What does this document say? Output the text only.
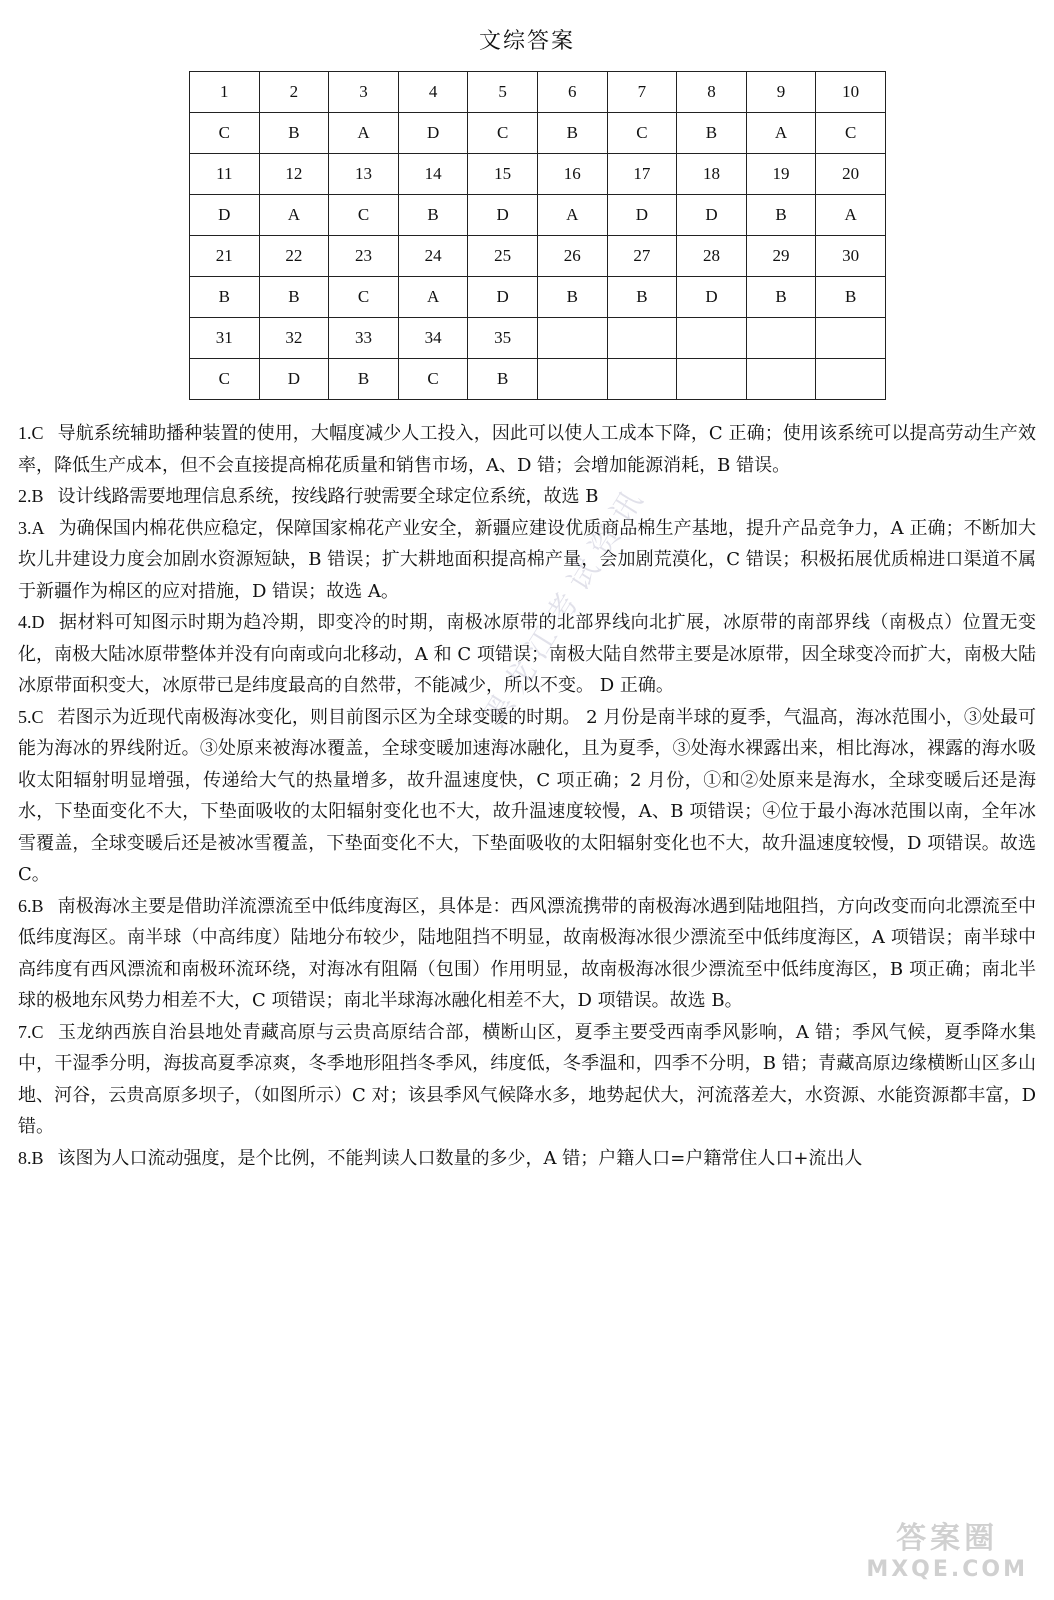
文综答案
1	2	3	4	5	6	7	8	9	10
C	B	A	D	C	B	C	B	A	C
11	12	13	14	15	16	17	18	19	20
D	A	C	B	D	A	D	D	B	A
21	22	23	24	25	26	27	28	29	30
B	B	C	A	D	B	B	D	B	B
31	32	33	34	35					
C	D	B	C	B					

1.C 导航系统辅助播种装置的使用，大幅度减少人工投入，因此可以使人工成本下降，C 正确；使用该系统可以提高劳动生产效率，降低生产成本，但不会直接提高棉花质量和销售市场，A、D 错；会增加能源消耗，B 错误。

2.B 设计线路需要地理信息系统，按线路行驶需要全球定位系统，故选 B

3.A 为确保国内棉花供应稳定，保障国家棉花产业安全，新疆应建设优质商品棉生产基地，提升产品竞争力，A 正确；不断加大坎儿井建设力度会加剧水资源短缺，B 错误；扩大耕地面积提高棉产量，会加剧荒漠化，C 错误；积极拓展优质棉进口渠道不属于新疆作为棉区的应对措施，D 错误；故选 A。

4.D 据材料可知图示时期为趋冷期，即变冷的时期，南极冰原带的北部界线向北扩展，冰原带的南部界线（南极点）位置无变化，南极大陆冰原带整体并没有向南或向北移动，A 和 C 项错误；南极大陆自然带主要是冰原带，因全球变冷而扩大，南极大陆冰原带面积变大，冰原带已是纬度最高的自然带，不能减少，所以不变。 D 正确。

5.C 若图示为近现代南极海冰变化，则目前图示区为全球变暖的时期。 2 月份是南半球的夏季，气温高，海冰范围小，③处最可能为海冰的界线附近。③处原来被海冰覆盖，全球变暖加速海冰融化，且为夏季，③处海水裸露出来，相比海冰，裸露的海水吸收太阳辐射明显增强，传递给大气的热量增多，故升温速度快，C 项正确；2 月份，①和②处原来是海水，全球变暖后还是海水，下垫面变化不大，下垫面吸收的太阳辐射变化也不大，故升温速度较慢，A、B 项错误；④位于最小海冰范围以南，全年冰雪覆盖，全球变暖后还是被冰雪覆盖，下垫面变化不大，下垫面吸收的太阳辐射变化也不大，故升温速度较慢，D 项错误。故选 C。

6.B 南极海冰主要是借助洋流漂流至中低纬度海区，具体是：西风漂流携带的南极海冰遇到陆地阻挡，方向改变而向北漂流至中低纬度海区。南半球（中高纬度）陆地分布较少，陆地阻挡不明显，故南极海冰很少漂流至中低纬度海区，A 项错误；南半球中高纬度有西风漂流和南极环流环绕，对海冰有阻隔（包围）作用明显，故南极海冰很少漂流至中低纬度海区，B 项正确；南北半球的极地东风势力相差不大，C 项错误；南北半球海冰融化相差不大，D 项错误。故选 B。

7.C 玉龙纳西族自治县地处青藏高原与云贵高原结合部，横断山区，夏季主要受西南季风影响，A 错；季风气候，夏季降水集中，干湿季分明，海拔高夏季凉爽，冬季地形阻挡冬季风，纬度低，冬季温和，四季不分明，B 错；青藏高原边缘横断山区多山地、河谷，云贵高原多坝子，（如图所示）C 对；该县季风气候降水多，地势起伏大，河流落差大，水资源、水能资源都丰富，D 错。

8.B 该图为人口流动强度，是个比例，不能判读人口数量的多少，A 错；户籍人口=户籍常住人口+流出人

黑龙江考试资讯
答案圈
MXQE.COM
